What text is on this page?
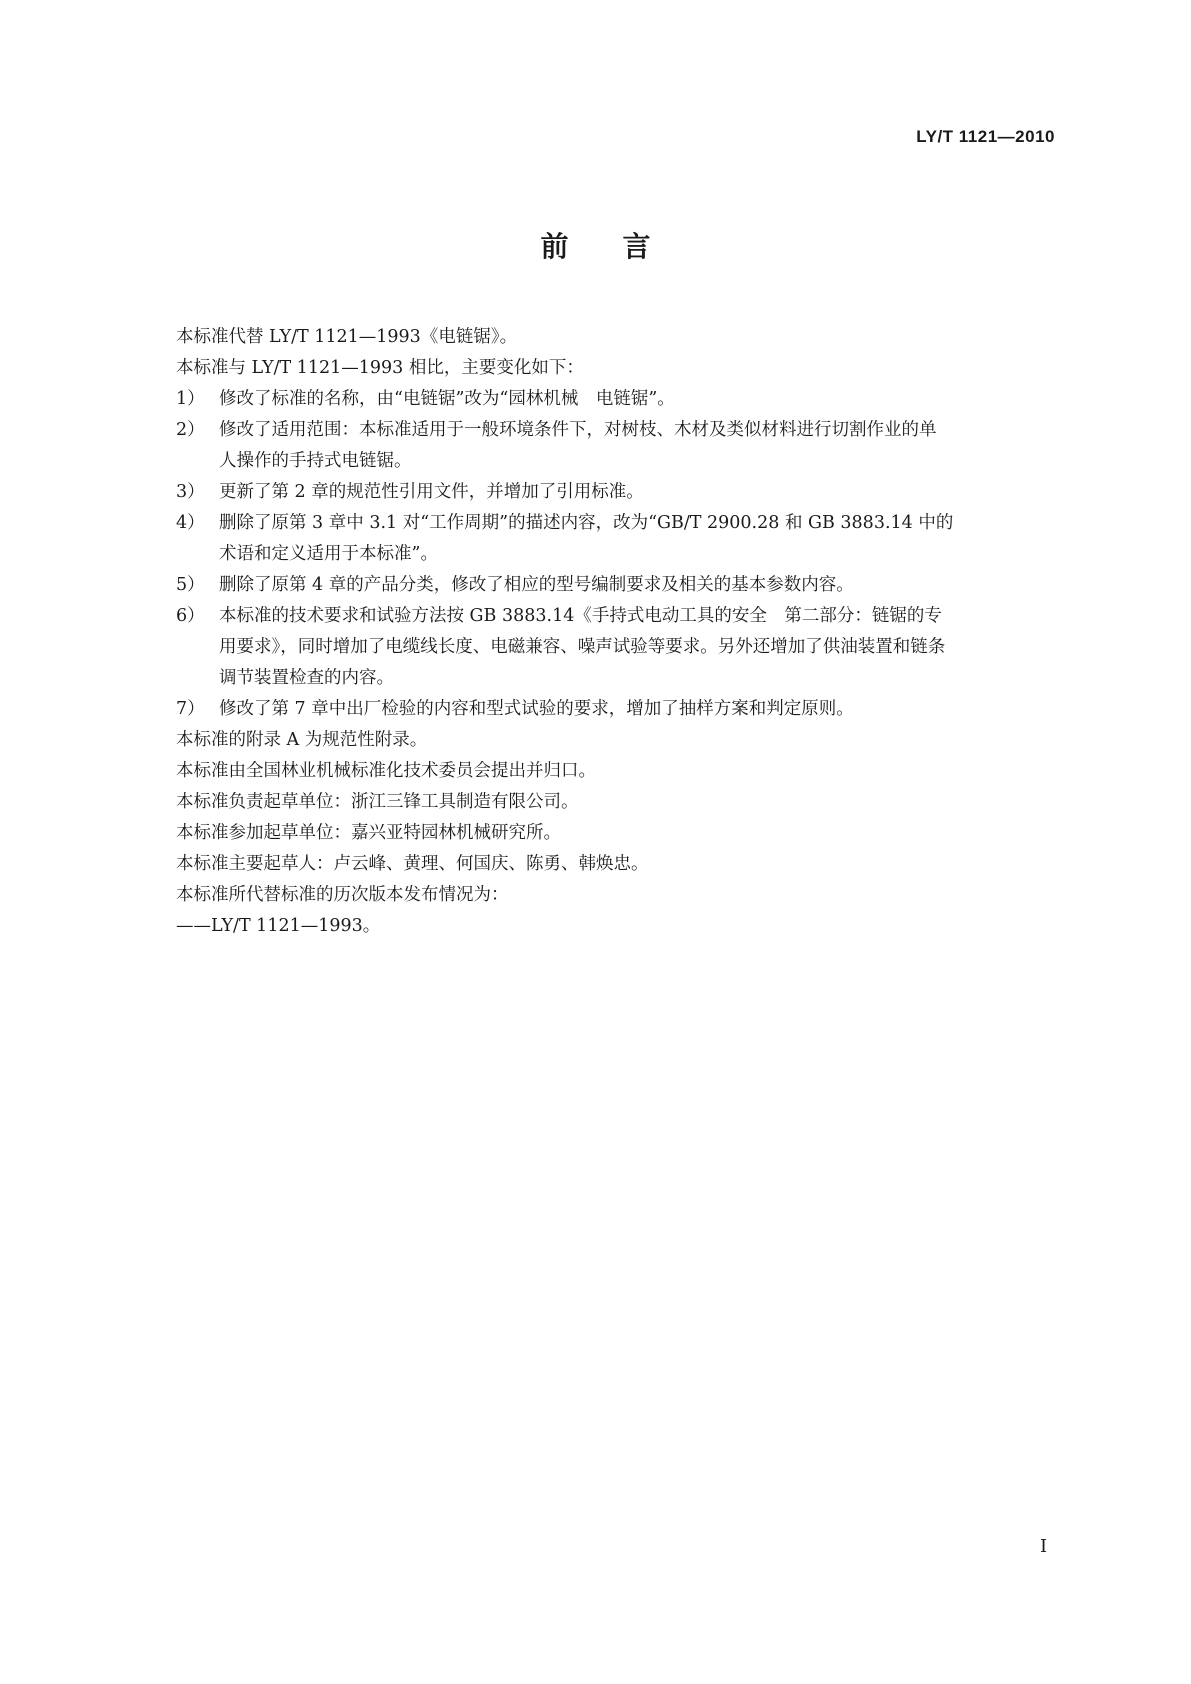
LY/T 1121—2010
前言

本标准代替 LY/T 1121—1993《电链锯》。

本标准与 LY/T 1121—1993 相比，主要变化如下：

1） 修改了标准的名称，由“电链锯”改为“园林机械　电链锯”。
2） 修改了适用范围：本标准适用于一般环境条件下，对树枝、木材及类似材料进行切割作业的单
人操作的手持式电链锯。
3） 更新了第 2 章的规范性引用文件，并增加了引用标准。
4） 删除了原第 3 章中 3.1 对“工作周期”的描述内容，改为“GB/T 2900.28 和 GB 3883.14 中的
术语和定义适用于本标准”。
5） 删除了原第 4 章的产品分类，修改了相应的型号编制要求及相关的基本参数内容。
6） 本标准的技术要求和试验方法按 GB 3883.14《手持式电动工具的安全　第二部分：链锯的专
用要求》，同时增加了电缆线长度、电磁兼容、噪声试验等要求。另外还增加了供油装置和链条
调节装置检查的内容。
7） 修改了第 7 章中出厂检验的内容和型式试验的要求，增加了抽样方案和判定原则。

本标准的附录 A 为规范性附录。

本标准由全国林业机械标准化技术委员会提出并归口。

本标准负责起草单位：浙江三锋工具制造有限公司。

本标准参加起草单位：嘉兴亚特园林机械研究所。

本标准主要起草人：卢云峰、黄理、何国庆、陈勇、韩焕忠。

本标准所代替标准的历次版本发布情况为：

——LY/T 1121—1993。

I
